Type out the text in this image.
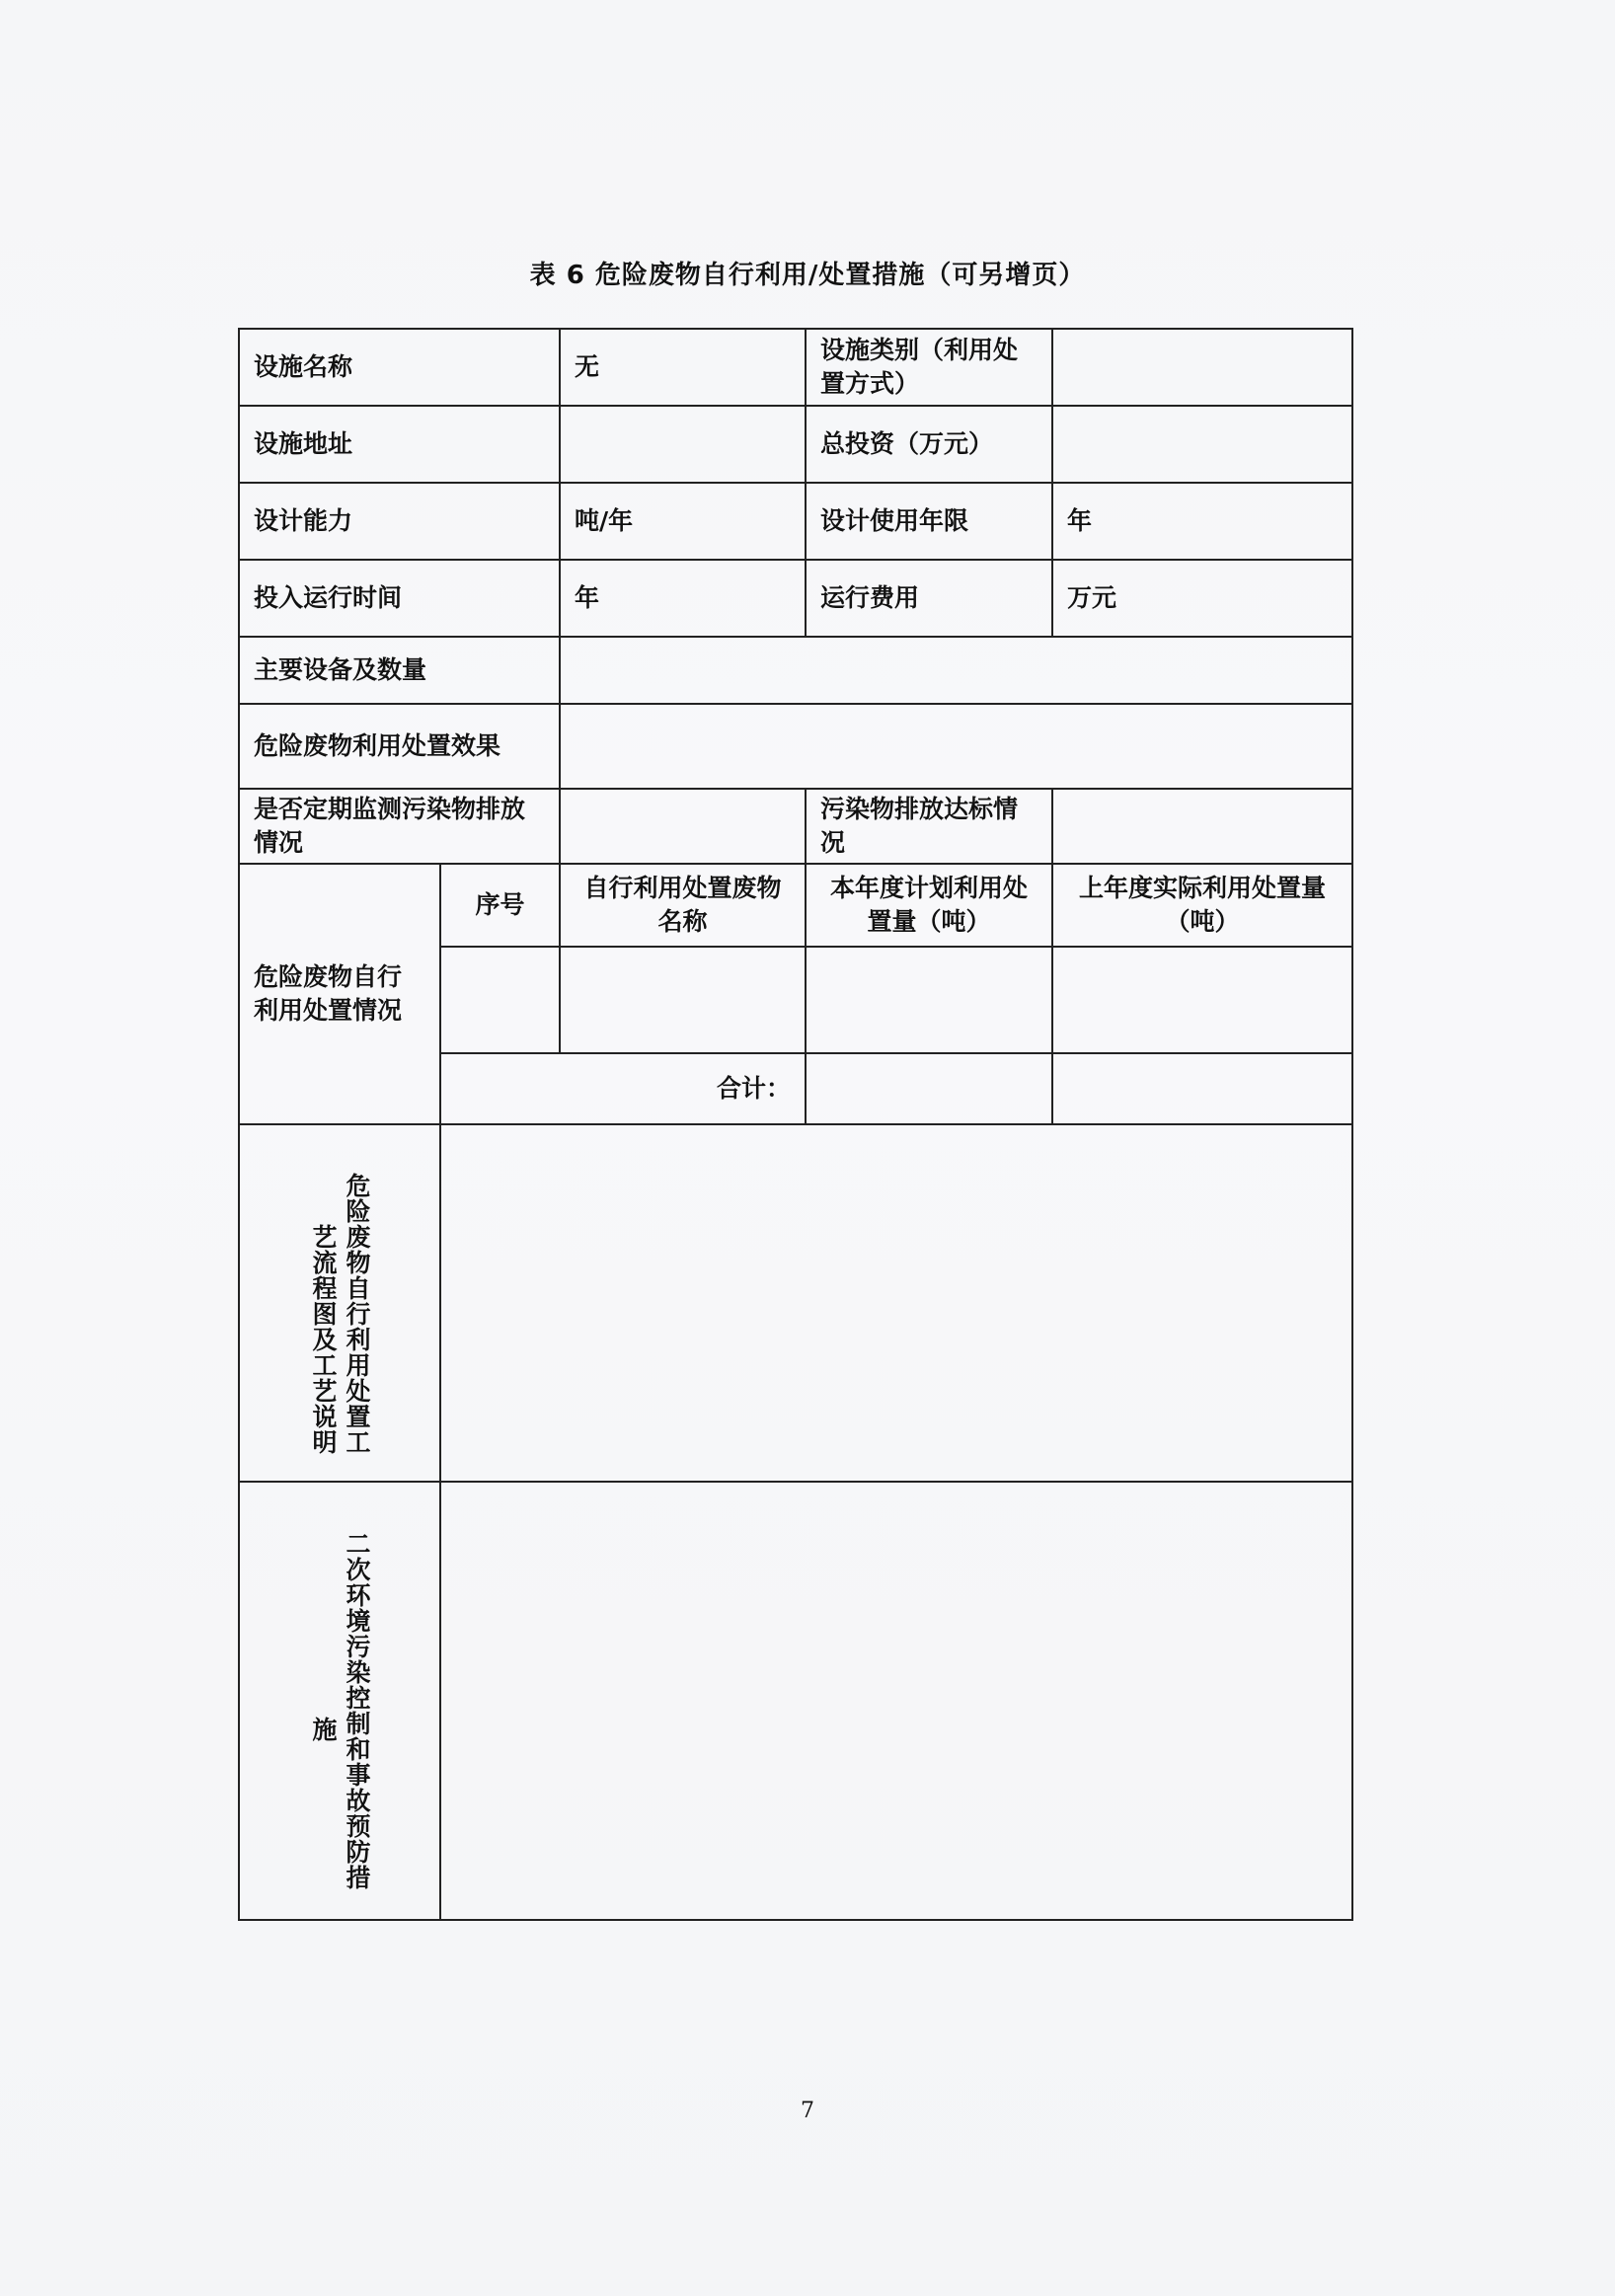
表 6 危险废物自行利用/处置措施（可另增页）
设施名称		无	设施类别（利用处置方式）	
设施地址			总投资（万元）	
设计能力		吨/年	设计使用年限	年
投入运行时间		年	运行费用	万元
主要设备及数量				
危险废物利用处置效果				
是否定期监测污染物排放情况			污染物排放达标情况	
危险废物自行利用处置情况	序号	自行利用处置废物名称	本年度计划利用处置量（吨）	上年度实际利用处置量（吨）

	合计：			

危险废物自行利用处置工
艺流程图及工艺说明				

二次环境污染控制和事故预防措
施				

7
